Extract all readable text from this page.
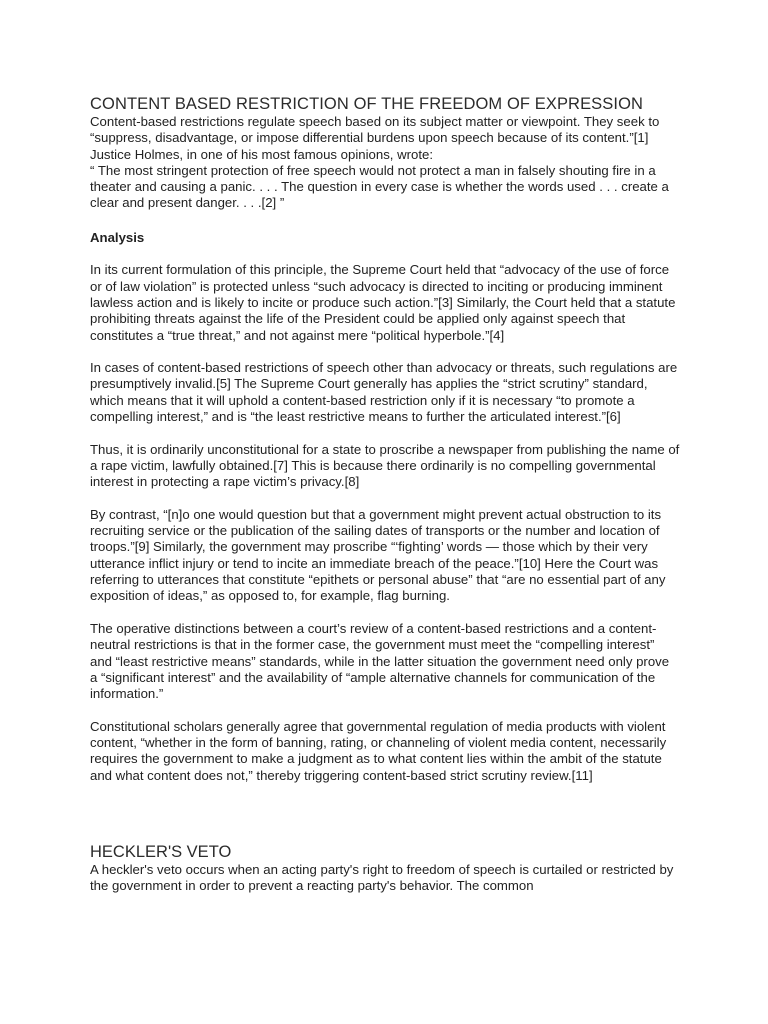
CONTENT BASED RESTRICTION OF THE FREEDOM OF EXPRESSION

Content-based restrictions regulate speech based on its subject matter or viewpoint. They seek to “suppress, disadvantage, or impose differential burdens upon speech because of its content.”[1] Justice Holmes, in one of his most famous opinions, wrote:

“ The most stringent protection of free speech would not protect a man in falsely shouting fire in a theater and causing a panic. . . . The question in every case is whether the words used . . . create a clear and present danger. . . .[2] ”

Analysis

In its current formulation of this principle, the Supreme Court held that “advocacy of the use of force or of law violation” is protected unless “such advocacy is directed to inciting or producing imminent lawless action and is likely to incite or produce such action.”[3] Similarly, the Court held that a statute prohibiting threats against the life of the President could be applied only against speech that constitutes a “true threat,” and not against mere “political hyperbole.”[4]

In cases of content-based restrictions of speech other than advocacy or threats, such regulations are presumptively invalid.[5] The Supreme Court generally has applies the “strict scrutiny” standard, which means that it will uphold a content-based restriction only if it is necessary “to promote a compelling interest,” and is “the least restrictive means to further the articulated interest.”[6]

Thus, it is ordinarily unconstitutional for a state to proscribe a newspaper from publishing the name of a rape victim, lawfully obtained.[7] This is because there ordinarily is no compelling governmental interest in protecting a rape victim’s privacy.[8]

By contrast, “[n]o one would question but that a government might prevent actual obstruction to its recruiting service or the publication of the sailing dates of transports or the number and location of troops.”[9] Similarly, the government may proscribe “‘fighting’ words — those which by their very utterance inflict injury or tend to incite an immediate breach of the peace.”[10] Here the Court was referring to utterances that constitute “epithets or personal abuse” that “are no essential part of any exposition of ideas,” as opposed to, for example, flag burning.

The operative distinctions between a court’s review of a content-based restrictions and a content-neutral restrictions is that in the former case, the government must meet the “compelling interest” and “least restrictive means” standards, while in the latter situation the government need only prove a “significant interest” and the availability of “ample alternative channels for communication of the information.”

Constitutional scholars generally agree that governmental regulation of media products with violent content, “whether in the form of banning, rating, or channeling of violent media content, necessarily requires the government to make a judgment as to what content lies within the ambit of the statute and what content does not,” thereby triggering content-based strict scrutiny review.[11]

HECKLER'S VETO

A heckler's veto occurs when an acting party's right to freedom of speech is curtailed or restricted by the government in order to prevent a reacting party's behavior. The common
